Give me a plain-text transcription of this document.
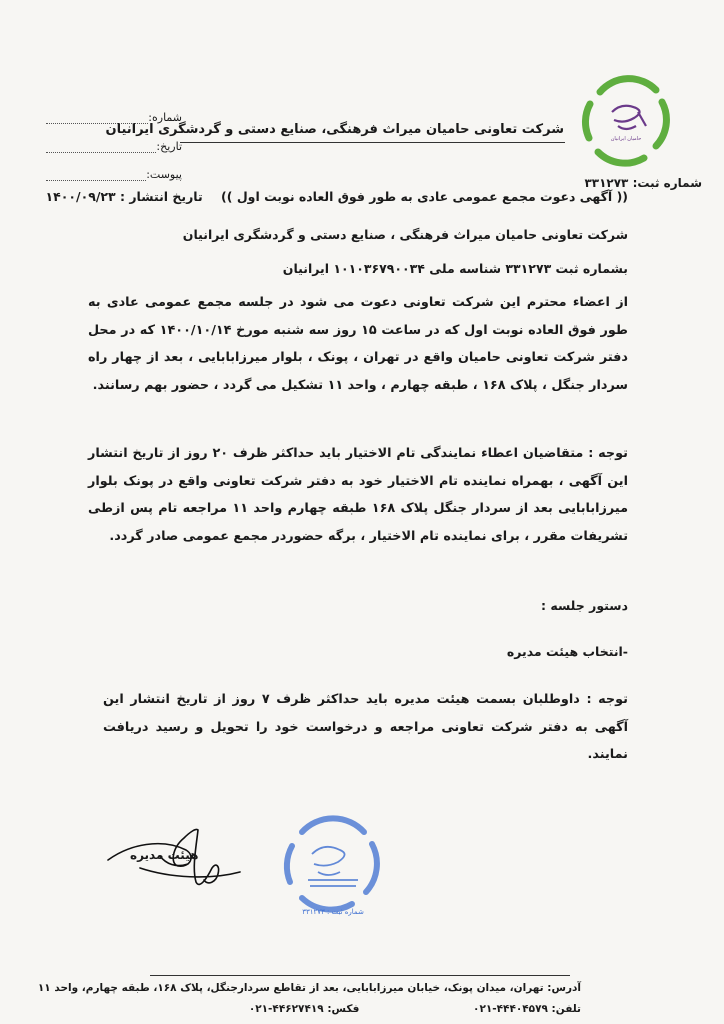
حامیان ایرانیان
شماره ثبت: ۳۳۱۲۷۳
شرکت تعاونی حامیان میراث فرهنگی، صنایع دستی و گردشگری ایرانیان
شماره:
تاریخ:
پیوست:
(( آگهی دعوت مجمع عمومی عادی به طور فوق العاده نوبت اول )) تاریخ انتشار : ۱۴۰۰/۰۹/۲۳
شرکت تعاونی حامیان میراث فرهنگی ، صنایع دستی و گردشگری ایرانیان
بشماره ثبت ۳۳۱۲۷۳ شناسه ملی ۱۰۱۰۳۶۷۹۰۰۳۴ ایرانیان
از اعضاء محترم این شرکت تعاونی دعوت می شود در جلسه مجمع عمومی عادی به طور فوق العاده نوبت اول که در ساعت ۱۵ روز سه شنبه مورخ ۱۴۰۰/۱۰/۱۴ که در محل دفتر شرکت تعاونی حامیان واقع در تهران ، پونک ، بلوار میرزابابایی ، بعد از چهار راه سردار جنگل ، پلاک ۱۶۸ ، طبقه چهارم ، واحد ۱۱ تشکیل می گردد ، حضور بهم رسانند.
توجه : متقاضیان اعطاء نمایندگی تام الاختیار باید حداکثر ظرف ۲۰ روز از تاریخ انتشار این آگهی ، بهمراه نماینده تام الاختیار خود به دفتر شرکت تعاونی واقع در پونک بلوار میرزابابایی بعد از سردار جنگل پلاک ۱۶۸ طبقه چهارم واحد ۱۱ مراجعه تام پس ازطی تشریفات مقرر ، برای نماینده تام الاختیار ، برگه حضوردر مجمع عمومی صادر گردد.
دستور جلسه :
-انتخاب هیئت مدیره
توجه : داوطلبان بسمت هیئت مدیره باید حداکثر ظرف ۷ روز از تاریخ انتشار این آگهی به دفتر شرکت تعاونی مراجعه و درخواست خود را تحویل و رسید دریافت نمایند.
هیئت مدیره
شماره ثبت : ۳۳۱۲۷۳
آدرس: تهران، میدان پونک، خیابان میرزابابایی، بعد از تقاطع سردارجنگل، پلاک ۱۶۸، طبقه چهارم، واحد ۱۱
تلفن: ۴۴۴۰۴۵۷۹-۰۲۱ فکس: ۴۴۶۲۷۴۱۹-۰۲۱
